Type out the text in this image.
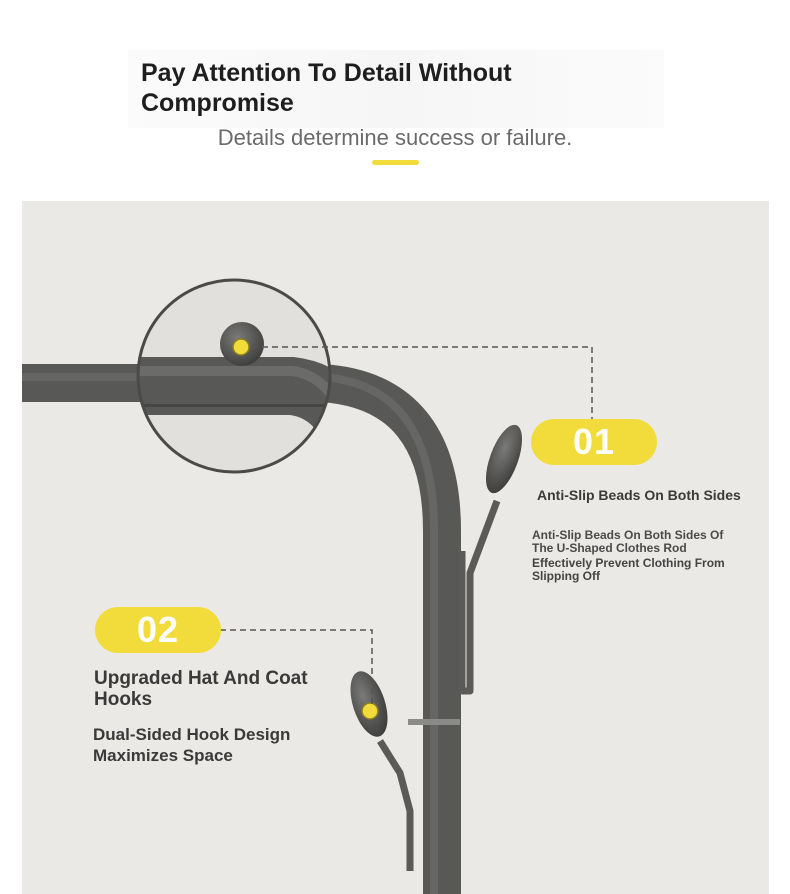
Pay Attention To Detail Without Compromise
Details determine success or failure.
01
Anti-Slip Beads On Both Sides
Anti-Slip Beads On Both Sides Of The U-Shaped Clothes Rod
Effectively Prevent Clothing From Slipping Off
02
Upgraded Hat And Coat Hooks
Dual-Sided Hook Design
Maximizes Space
